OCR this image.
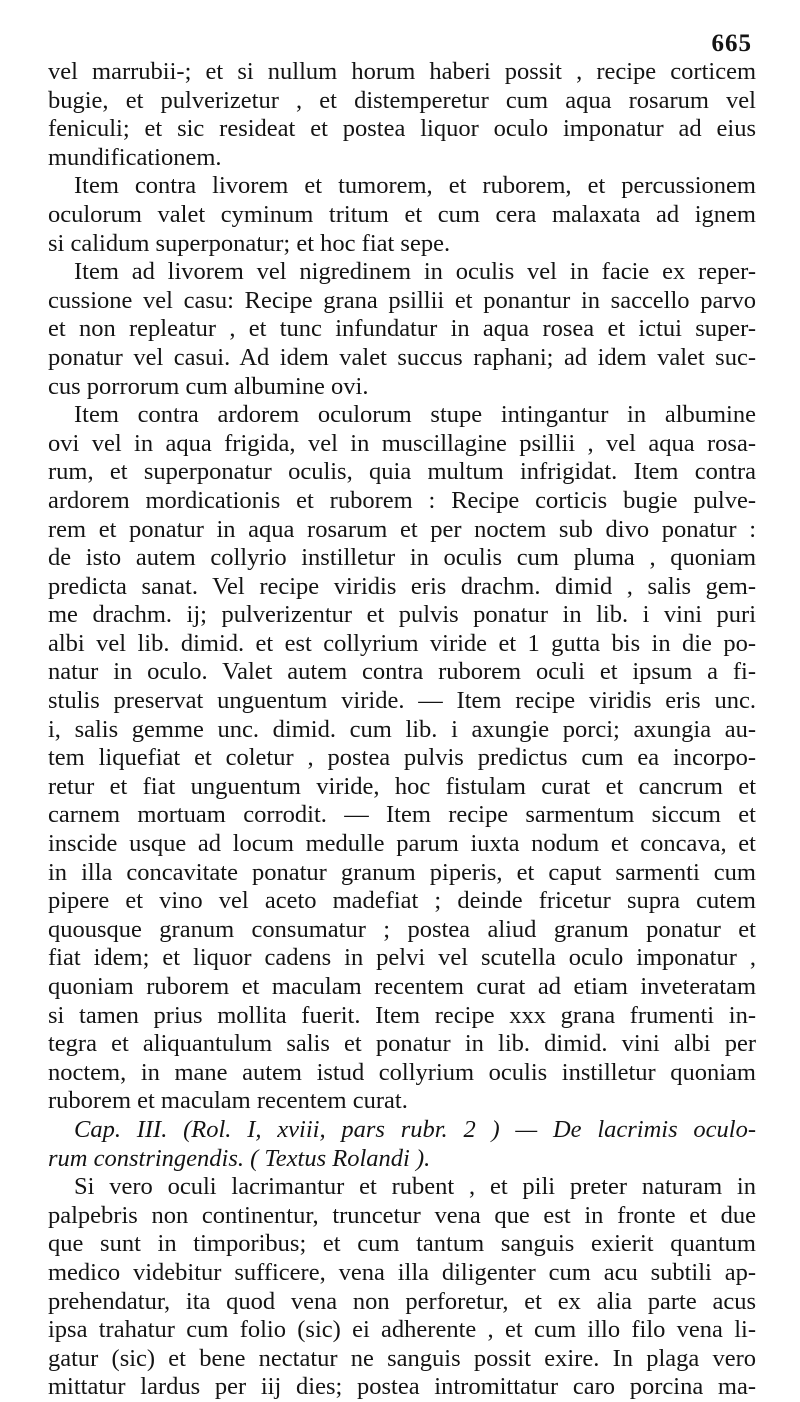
665
vel marrubii-; et si nullum horum haberi possit , recipe corticem
bugie, et pulverizetur , et distemperetur cum aqua rosarum vel
feniculi; et sic resideat et postea liquor oculo imponatur ad eius
mundificationem.
Item contra livorem et tumorem, et ruborem, et percussionem
oculorum valet cyminum tritum et cum cera malaxata ad ignem
si calidum superponatur; et hoc fiat sepe.
Item ad livorem vel nigredinem in oculis vel in facie ex reper-
cussione vel casu: Recipe grana psillii et ponantur in saccello parvo
et non repleatur , et tunc infundatur in aqua rosea et ictui super-
ponatur vel casui. Ad idem valet succus raphani; ad idem valet suc-
cus porrorum cum albumine ovi.
Item contra ardorem oculorum stupe intingantur in albumine
ovi vel in aqua frigida, vel in muscillagine psillii , vel aqua rosa-
rum, et superponatur oculis, quia multum infrigidat. Item contra
ardorem mordicationis et ruborem : Recipe corticis bugie pulve-
rem et ponatur in aqua rosarum et per noctem sub divo ponatur :
de isto autem collyrio instilletur in oculis cum pluma , quoniam
predicta sanat. Vel recipe viridis eris drachm. dimid , salis gem-
me drachm. ij; pulverizentur et pulvis ponatur in lib. i vini puri
albi vel lib. dimid. et est collyrium viride et 1 gutta bis in die po-
natur in oculo. Valet autem contra ruborem oculi et ipsum a fi-
stulis preservat unguentum viride. — Item recipe viridis eris unc.
i, salis gemme unc. dimid. cum lib. i axungie porci; axungia au-
tem liquefiat et coletur , postea pulvis predictus cum ea incorpo-
retur et fiat unguentum viride, hoc fistulam curat et cancrum et
carnem mortuam corrodit. — Item recipe sarmentum siccum et
inscide usque ad locum medulle parum iuxta nodum et concava, et
in illa concavitate ponatur granum piperis, et caput sarmenti cum
pipere et vino vel aceto madefiat ; deinde fricetur supra cutem
quousque granum consumatur ; postea aliud granum ponatur et
fiat idem; et liquor cadens in pelvi vel scutella oculo imponatur ,
quoniam ruborem et maculam recentem curat ad etiam inveteratam
si tamen prius mollita fuerit. Item recipe xxx grana frumenti in-
tegra et aliquantulum salis et ponatur in lib. dimid. vini albi per
noctem, in mane autem istud collyrium oculis instilletur quoniam
ruborem et maculam recentem curat.
Cap. III. (Rol. I, xviii, pars rubr. 2 ) — De lacrimis oculo-
rum constringendis. ( Textus Rolandi ).
Si vero oculi lacrimantur et rubent , et pili preter naturam in
palpebris non continentur, truncetur vena que est in fronte et due
que sunt in timporibus; et cum tantum sanguis exierit quantum
medico videbitur sufficere, vena illa diligenter cum acu subtili ap-
prehendatur, ita quod vena non perforetur, et ex alia parte acus
ipsa trahatur cum folio (sic) ei adherente , et cum illo filo vena li-
gatur (sic) et bene nectatur ne sanguis possit exire. In plaga vero
mittatur lardus per iij dies; postea intromittatur caro porcina ma-
